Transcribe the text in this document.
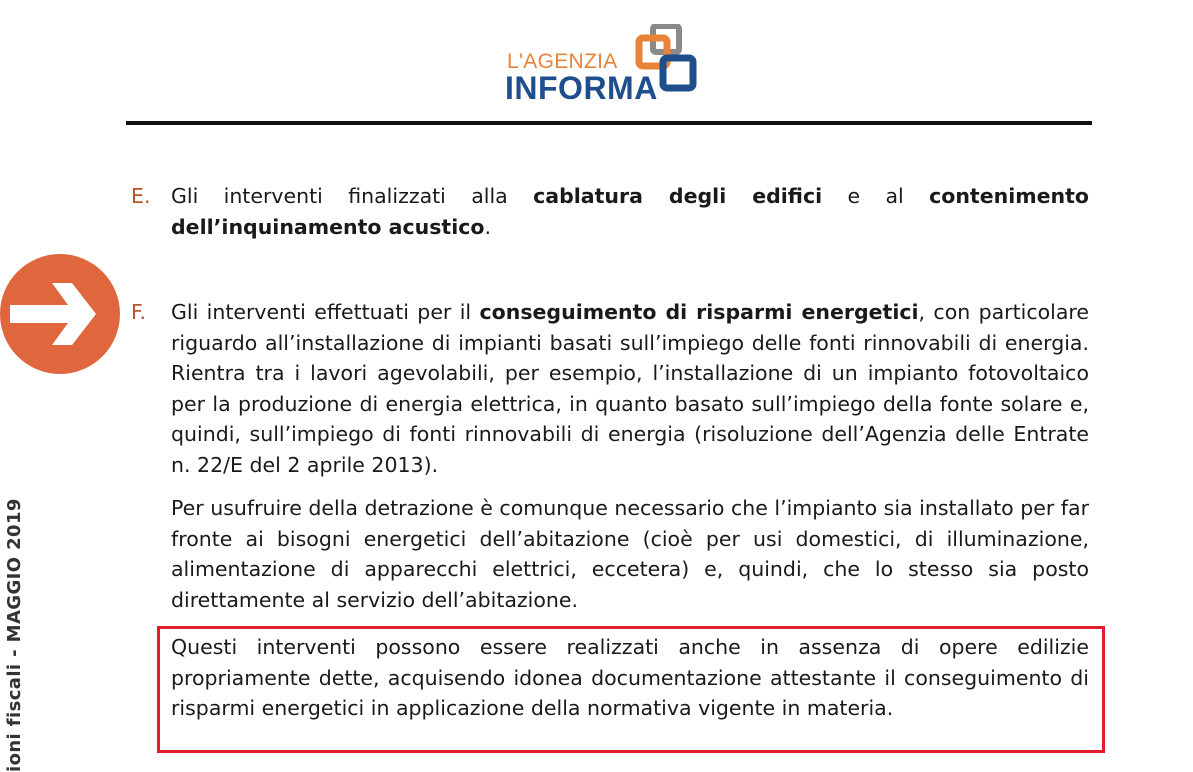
L'AGENZIA
INFORMA
E. Gli interventi finalizzati alla cablatura degli edifici e al contenimento dell’inquinamento acustico.
F. Gli interventi effettuati per il conseguimento di risparmi energetici, con particolare riguardo all’installazione di impianti basati sull’impiego delle fonti rinnovabili di energia. Rientra tra i lavori agevolabili, per esempio, l’installazione di un impianto fotovoltaico per la produzione di energia elettrica, in quanto basato sull’impiego della fonte solare e, quindi, sull’impiego di fonti rinnovabili di energia (risoluzione dell’Agenzia delle Entrate n. 22/E del 2 aprile 2013).
Per usufruire della detrazione è comunque necessario che l’impianto sia installato per far fronte ai bisogni energetici dell’abitazione (cioè per usi domestici, di illuminazione, alimentazione di apparecchi elettrici, eccetera) e, quindi, che lo stesso sia posto direttamente al servizio dell’abitazione.
Questi interventi possono essere realizzati anche in assenza di opere edilizie propriamente dette, acquisendo idonea documentazione attestante il conseguimento di risparmi energetici in applicazione della normativa vigente in materia.
ioni fiscali - MAGGIO 2019
